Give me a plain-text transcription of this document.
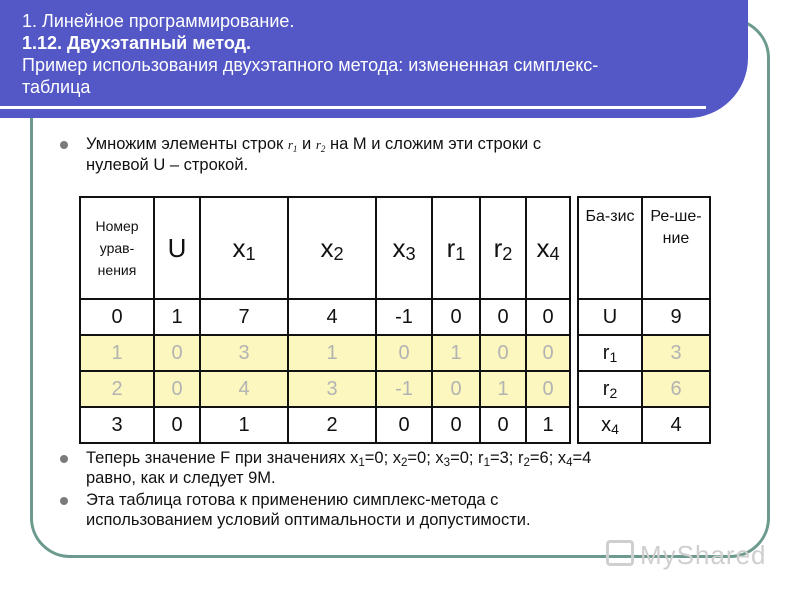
1. Линейное программирование.
1.12. Двухэтапный метод.
Пример использования двухэтапного метода: измененная симплекс-
таблица
Умножим элементы строк $r_1$ и $r_2$ на М и сложим эти строки с
нулевой U – строкой.
Номер урав-нения	U	$x_1$	$x_2$	$x_3$	$r_1$	$r_2$	$x_4$		Ба-зис	Ре-ше-ние
0	1	7	4	-1	0	0	0		U	9
1	0	3	1	0	1	0	0		$r_1$	3
2	0	4	3	-1	0	1	0		$r_2$	6
3	0	1	2	0	0	0	1		$x_4$	4
Теперь значение F при значениях $x_1=0$; $x_2=0$; $x_3=0$; $r_1=3$; $r_2=6$; $x_4=4$
равно, как и следует 9М.
Эта таблица готова к применению симплекс-метода с
использованием условий оптимальности и допустимости.
MyShared
